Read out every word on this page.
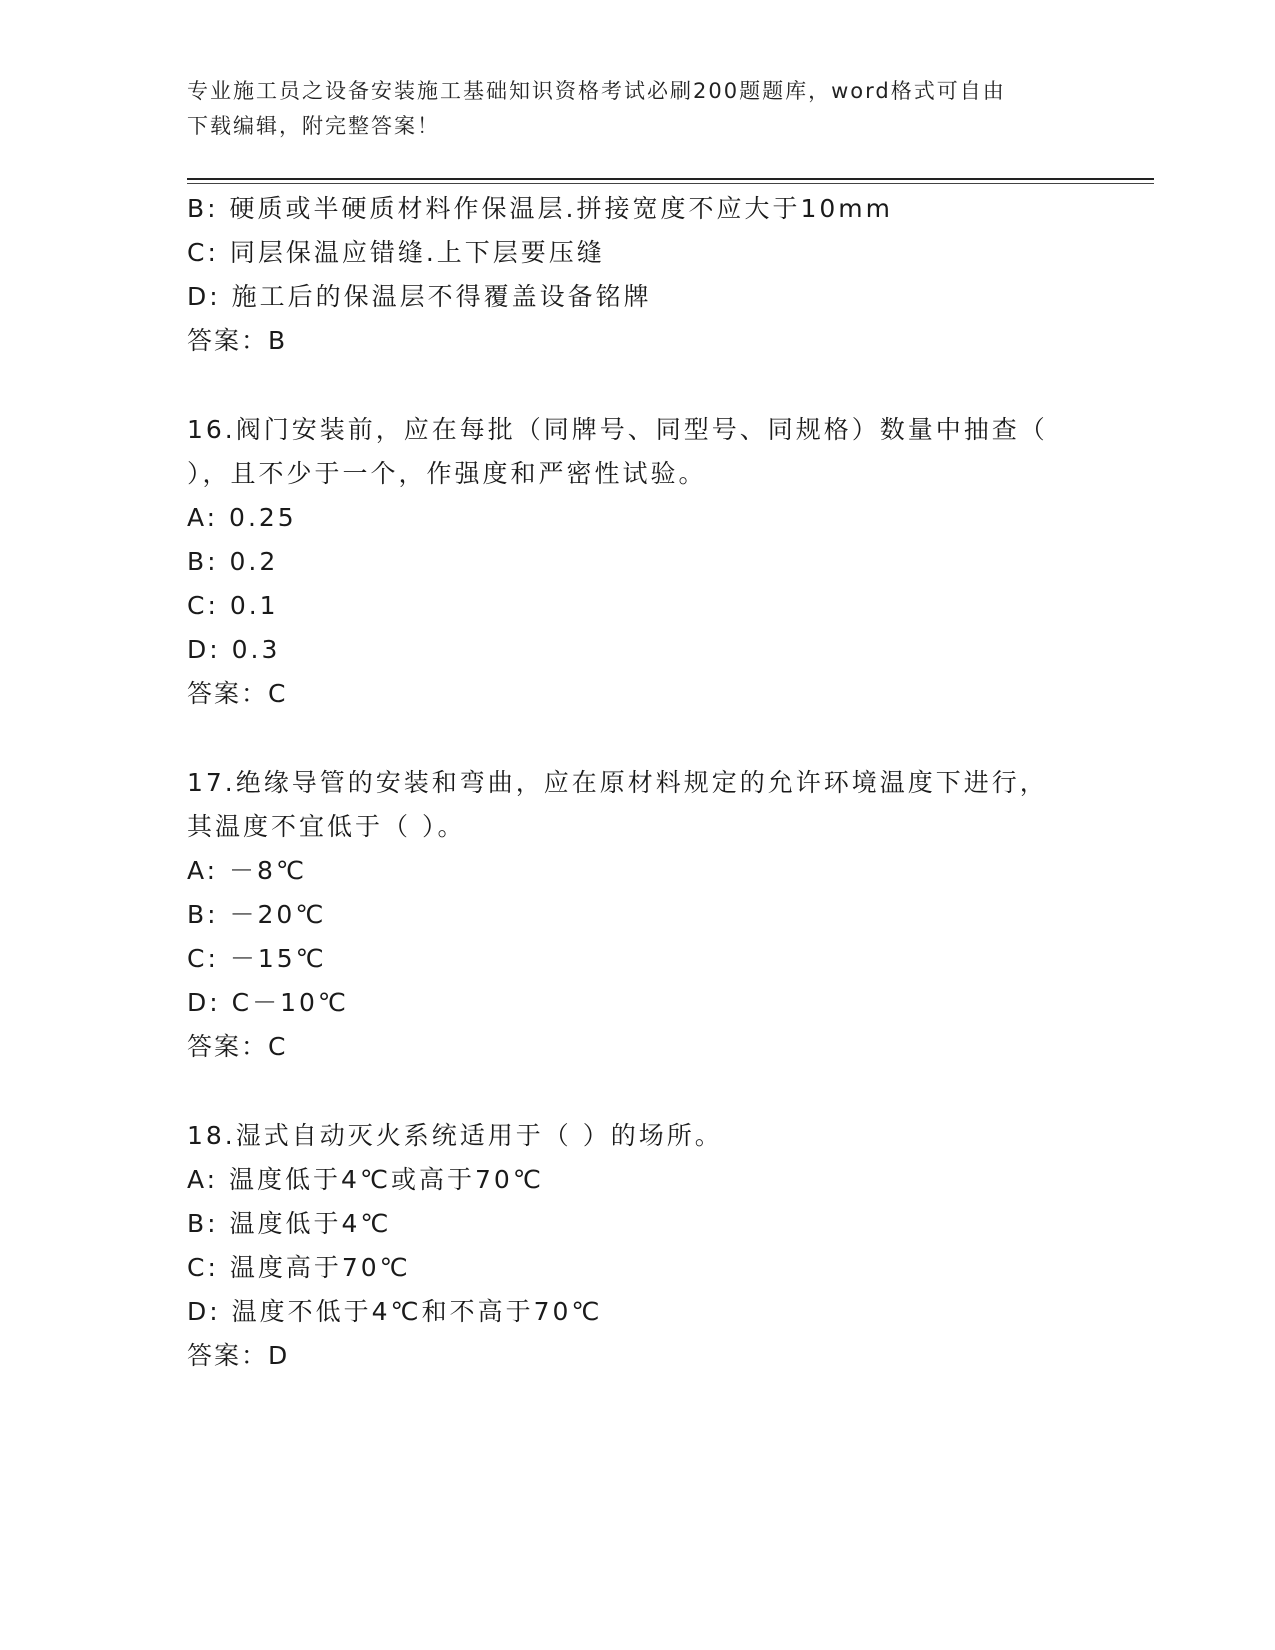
专业施工员之设备安装施工基础知识资格考试必刷200题题库，word格式可自由
下载编辑，附完整答案！
B: 硬质或半硬质材料作保温层.拼接宽度不应大于10mm
C: 同层保温应错缝.上下层要压缝
D: 施工后的保温层不得覆盖设备铭牌
答案：B
16.阀门安装前，应在每批（同牌号、同型号、同规格）数量中抽查（
），且不少于一个，作强度和严密性试验。
A: 0.25
B: 0.2
C: 0.1
D: 0.3
答案：C
17.绝缘导管的安装和弯曲，应在原材料规定的允许环境温度下进行，
其温度不宜低于（ ）。
A: －8℃
B: －20℃
C: －15℃
D: C－10℃
答案：C
18.湿式自动灭火系统适用于（ ）的场所。
A: 温度低于4℃或高于70℃
B: 温度低于4℃
C: 温度高于70℃
D: 温度不低于4℃和不高于70℃
答案：D
